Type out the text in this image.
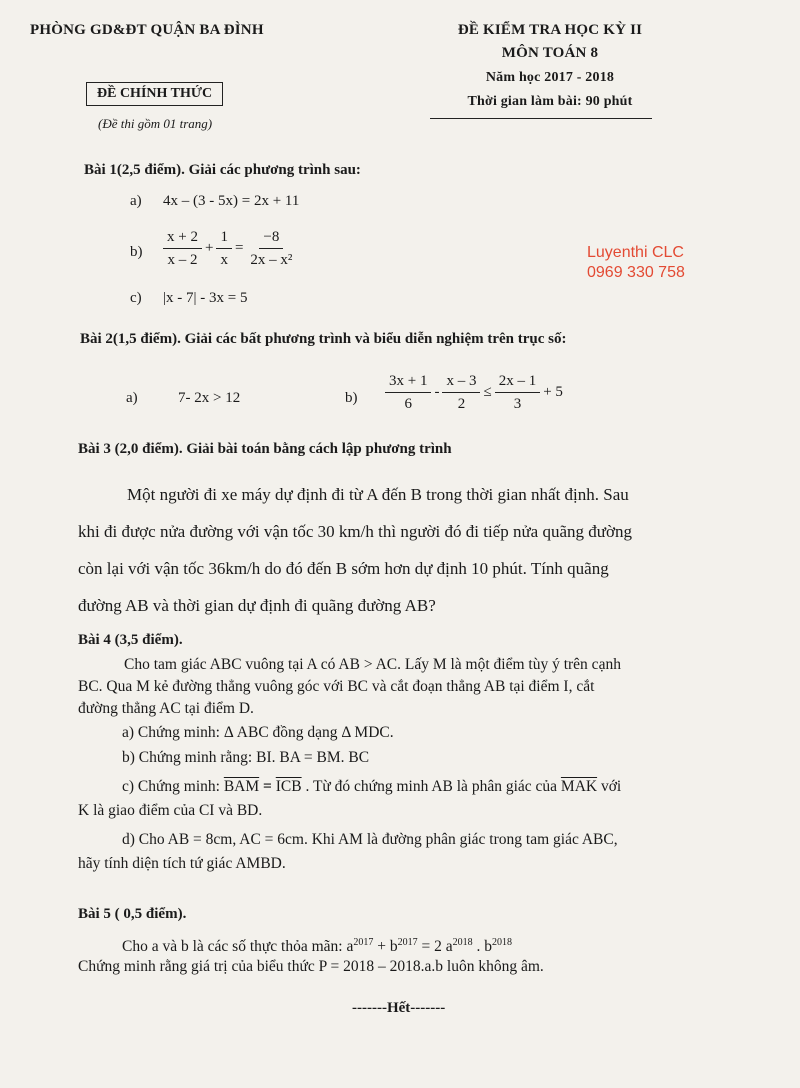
PHÒNG GD&ĐT QUẬN BA ĐÌNH
ĐỀ CHÍNH THỨC
(Đề thi gồm 01 trang)
ĐỀ KIỂM TRA HỌC KỲ II
MÔN TOÁN 8
Năm học 2017 - 2018
Thời gian làm bài: 90 phút
Luyenthi CLC
0969 330 758
Bài 1(2,5 điểm). Giải các phương trình sau:
a) 4x – (3 - 5x) = 2x + 11
$b) \frac{x + 2}{x - 2} + \frac{1}{x} = \frac{-8}{\text{2x – x²}}$
c) |x - 7| - 3x = 5
Bài 2(1,5 điểm). Giải các bất phương trình và biểu diễn nghiệm trên trục số:
a)	7- 2x > 12	$b) \frac{3x + 1}{6} - \frac{x - 3}{2} \le \frac{2x - 1}{3} + 5$
Bài 3 (2,0 điểm). Giải bài toán bằng cách lập phương trình
Một người đi xe máy dự định đi từ A đến B trong thời gian nhất định. Sau
khi đi được nửa đường với vận tốc 30 km/h thì người đó đi tiếp nửa quãng đường
còn lại với vận tốc 36km/h do đó đến B sớm hơn dự định 10 phút. Tính quãng
đường AB và thời gian dự định đi quãng đường AB?
Bài 4 (3,5 điểm).
Cho tam giác ABC vuông tại A có AB > AC. Lấy M là một điểm tùy ý trên cạnh
BC. Qua M kẻ đường thẳng vuông góc với BC và cắt đoạn thẳng AB tại điểm I, cắt
đường thẳng AC tại điểm D.
a) Chứng minh: Δ ABC đồng dạng Δ MDC.
b) Chứng minh rằng: BI. BA = BM. BC
c) Chứng minh: $\overline{BAM} = \overline{ICB}$ . Từ đó chứng minh AB là phân giác của $\overline{MAK}$ với
K là giao điểm của CI và BD.
d) Cho AB = 8cm, AC = 6cm. Khi AM là đường phân giác trong tam giác ABC,
hãy tính diện tích tứ giác AMBD.
Bài 5 ( 0,5 điểm).
Cho a và b là các số thực thỏa mãn: $a^{2017} + b^{2017} = 2$ $a^{2018}$ . $b^{2018}$
Chứng minh rằng giá trị của biểu thức P = 2018 – 2018.a.b luôn không âm.
-------Hết-------
